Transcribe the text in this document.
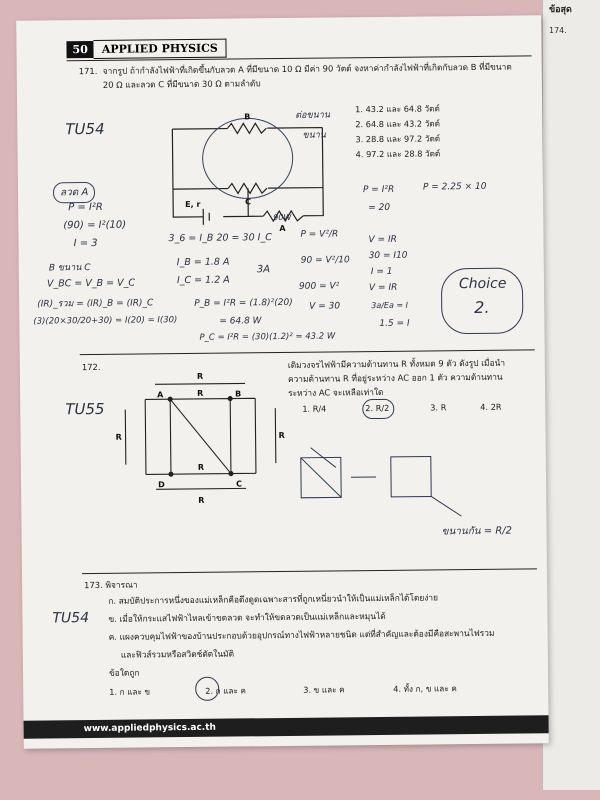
ข้อสุด
174.
50	APPLIED PHYSICS
171. จากรูป ถ้ากำลังไฟฟ้าที่เกิดขึ้นกับลวด A ที่มีขนาด 10 Ω มีค่า 90 วัตต์ จงหาค่ากำลังไฟฟ้าที่เกิดกับลวด B ที่มีขนาด
20 Ω และลวด C ที่มีขนาด 30 Ω ตามลำดับ
1. 43.2 และ 64.8 วัตต์
2. 64.8 และ 43.2 วัตต์
3. 28.8 และ 97.2 วัตต์
4. 97.2 และ 28.8 วัตต์
B
C
A
E, r
TU54
ต่อขนาน
ขนาน
90W
ลวด A
P = I²R
(90) = I²(10)
I = 3
B ขนาน C
V_BC = V_B = V_C
(IR)_รวม = (IR)_B = (IR)_C
(3)(20×30/20+30) = I(20) = I(30)
3_6 = I_B 20 = 30 I_C
I_B = 1.8 A
I_C = 1.2 A
3A
P_B = I²R = (1.8)²(20)
= 64.8 W
P_C = I²R = (30)(1.2)² = 43.2 W
P = V²/R
90 = V²/10
900 = V²
V = 30
V = IR
30 = I10
I = 1
V = IR
3a/Ea = I
1.5 = I
P = I²R
= 20
P = 2.25 × 10
Choice
2.
172.	เดิมวงจรไฟฟ้ามีความต้านทาน R ทั้งหมด 9 ตัว ดังรูป เมื่อนำ
ความต้านทาน R ที่อยู่ระหว่าง AC ออก 1 ตัว ความต้านทาน
ระหว่าง AC จะเหลือเท่าใด
1. R/4	2. R/2	3. R	4. 2R
TU55
A	B
C
D
R
R
R
R
R	R
ขนานกัน = R/2
173. พิจารณา
ก. สมบัติประการหนึ่งของแม่เหล็กคือดึงดูดเฉพาะสารที่ถูกเหนี่ยวนำให้เป็นแม่เหล็กได้โดยง่าย
ข. เมื่อให้กระแสไฟฟ้าไหลเข้าขดลวด จะทำให้ขดลวดเป็นแม่เหล็กและหมุนได้
ค. แผงควบคุมไฟฟ้าของบ้านประกอบด้วยอุปกรณ์ทางไฟฟ้าหลายชนิด แต่ที่สำคัญและต้องมีคือสะพานไฟรวม
และฟิวส์รวมหรือสวิตช์ตัดในมัติ
ข้อใดถูก
1. ก และ ข	2. ก และ ค	3. ข และ ค	4. ทั้ง ก, ข และ ค
TU54
www.appliedphysics.ac.th
